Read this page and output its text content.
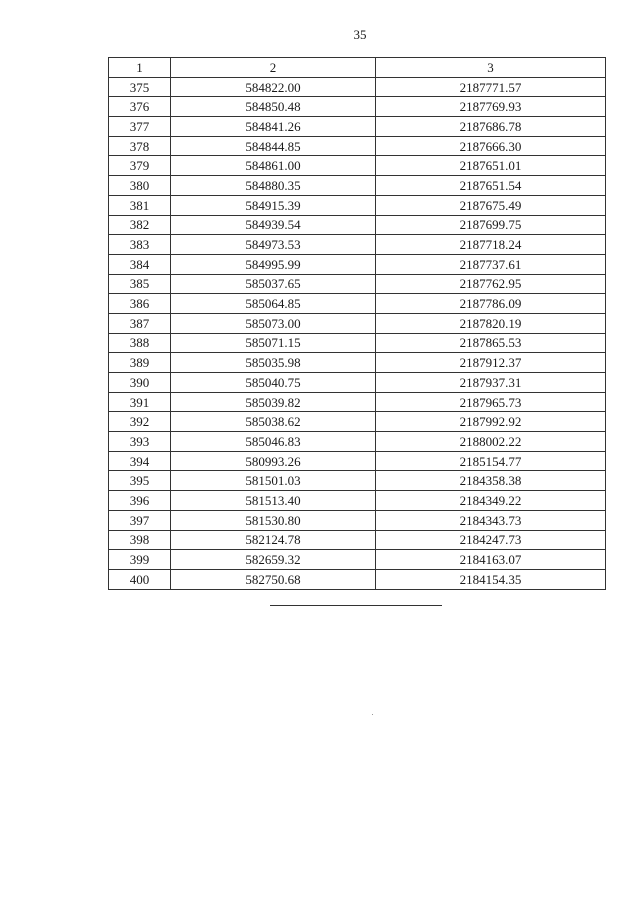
35
1	2	3
375	584822.00	2187771.57
376	584850.48	2187769.93
377	584841.26	2187686.78
378	584844.85	2187666.30
379	584861.00	2187651.01
380	584880.35	2187651.54
381	584915.39	2187675.49
382	584939.54	2187699.75
383	584973.53	2187718.24
384	584995.99	2187737.61
385	585037.65	2187762.95
386	585064.85	2187786.09
387	585073.00	2187820.19
388	585071.15	2187865.53
389	585035.98	2187912.37
390	585040.75	2187937.31
391	585039.82	2187965.73
392	585038.62	2187992.92
393	585046.83	2188002.22
394	580993.26	2185154.77
395	581501.03	2184358.38
396	581513.40	2184349.22
397	581530.80	2184343.73
398	582124.78	2184247.73
399	582659.32	2184163.07
400	582750.68	2184154.35
